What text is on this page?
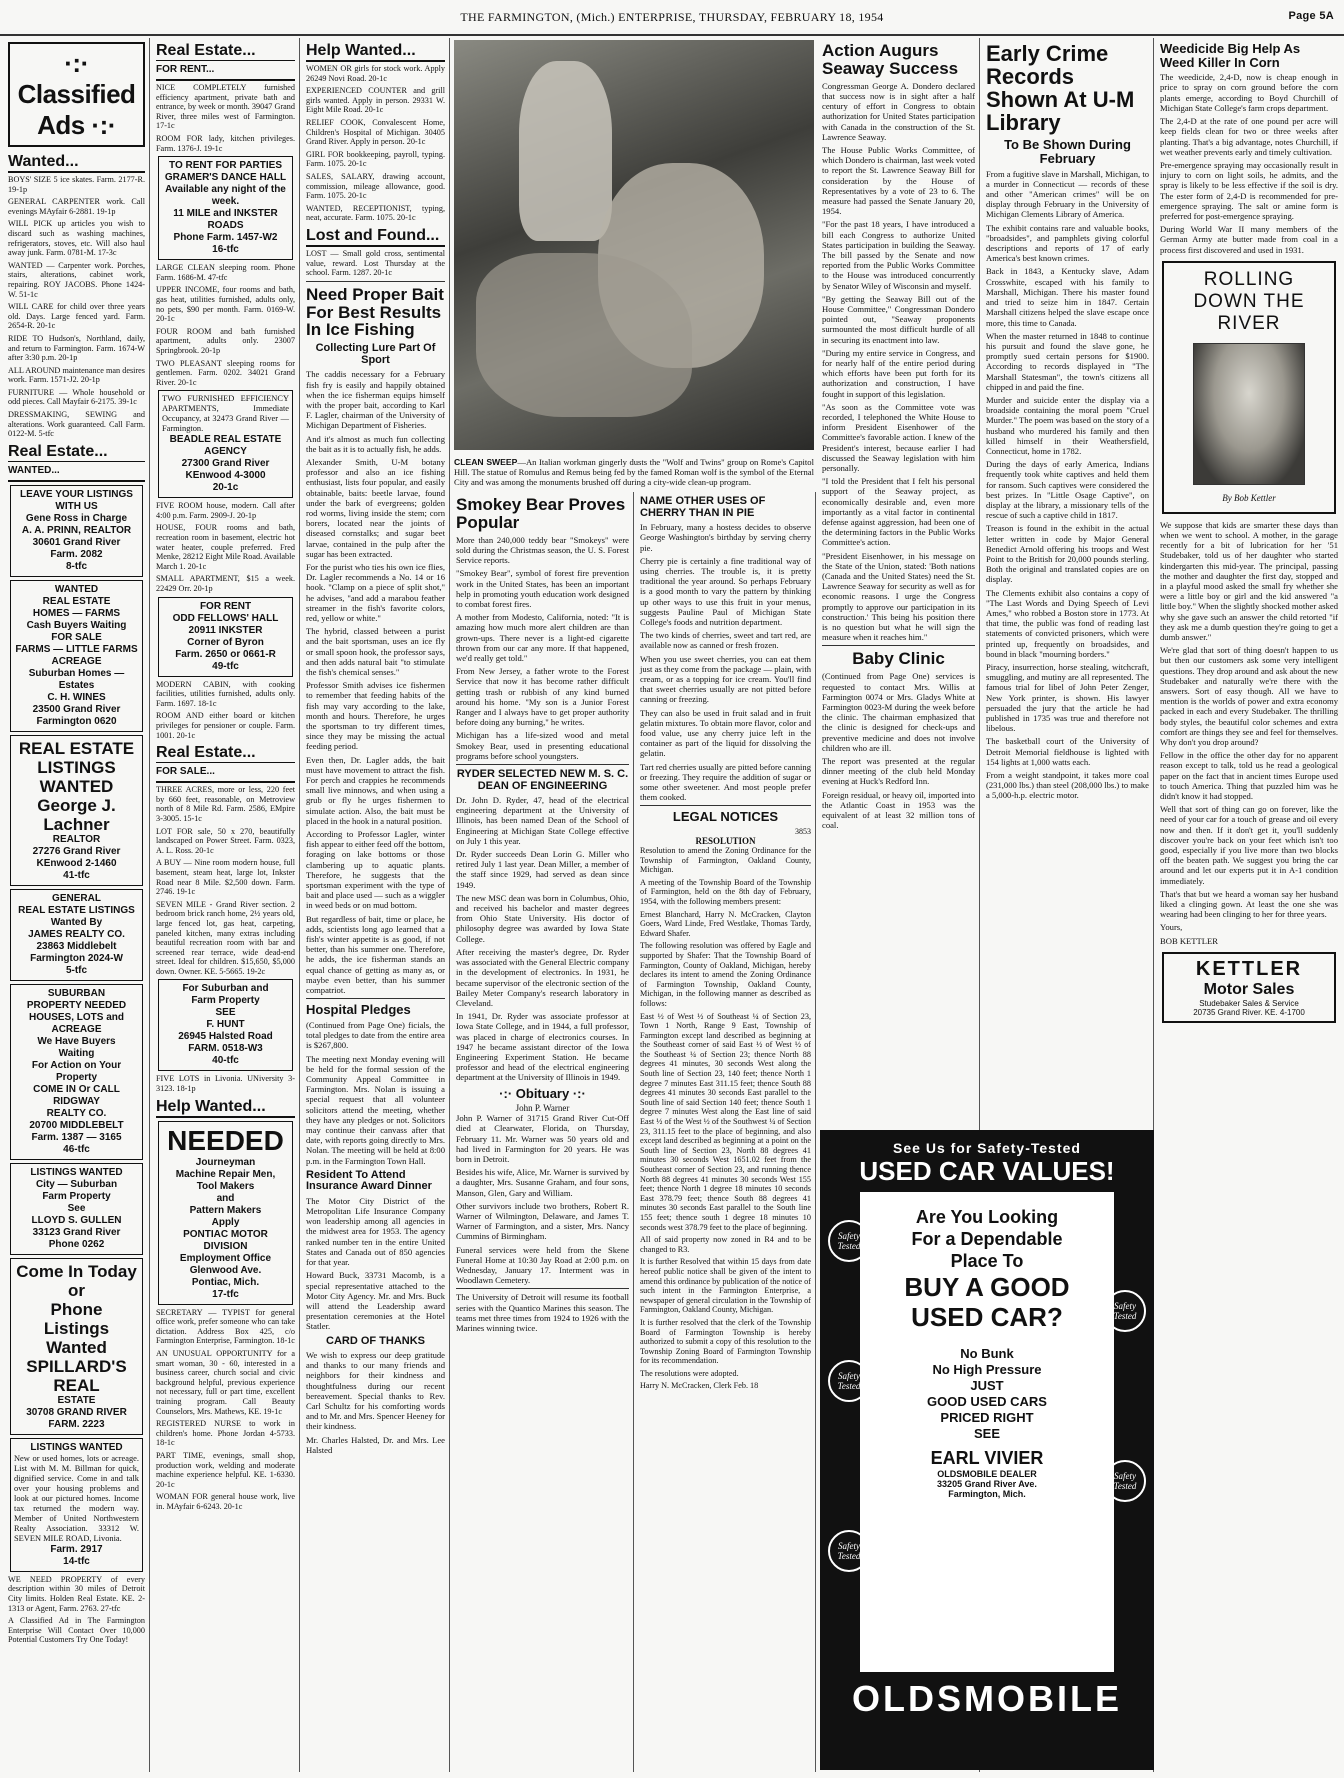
THE FARMINGTON, (Mich.) ENTERPRISE, THURSDAY, FEBRUARY 18, 1954	Page 5A
·:· Classified Ads ·:·
Wanted...

BOYS' SIZE 5 ice skates. Farm. 2177-R. 19-1p

GENERAL CARPENTER work. Call evenings MAyfair 6-2881. 19-1p

WILL PICK up articles you wish to discard such as washing machines, refrigerators, stoves, etc. Will also haul away junk. Farm. 0781-M. 17-3c

WANTED — Carpenter work. Porches, stairs, alterations, cabinet work, repairing. ROY JACOBS. Phone 1424-W. 51-1c

WILL CARE for child over three years old. Days. Large fenced yard. Farm. 2654-R. 20-1c

RIDE TO Hudson's, Northland, daily, and return to Farmington. Farm. 1674-W after 3:30 p.m. 20-1p

ALL AROUND maintenance man desires work. Farm. 1571-J2. 20-1p

FURNITURE — Whole household or odd pieces. Call Mayfair 6-2175. 39-1c

DRESSMAKING, SEWING and alterations. Work guaranteed. Call Farm. 0122-M. 5-tfc

Real Estate...
WANTED...
LEAVE YOUR LISTINGS WITH US
Gene Ross in Charge
A. A. PRINN, REALTOR
30601 Grand River
Farm. 2082
8-tfc
WANTED
REAL ESTATE
HOMES — FARMS
Cash Buyers Waiting
FOR SALE
FARMS — LITTLE FARMS
ACREAGE
Suburban Homes — Estates
C. H. WINES
23500 Grand River
Farmington 0620
REAL ESTATE
LISTINGS
WANTED
George J.
Lachner
REALTOR
27276 Grand River
KEnwood 2-1460
41-tfc
GENERAL
REAL ESTATE LISTINGS
Wanted By
JAMES REALTY CO.
23863 Middlebelt
Farmington 2024-W
5-tfc
SUBURBAN
PROPERTY NEEDED
HOUSES, LOTS and ACREAGE
We Have Buyers
Waiting
For Action on Your Property
COME IN Or CALL
RIDGWAY
REALTY CO.
20700 MIDDLEBELT
Farm. 1387 — 3165
46-tfc
LISTINGS WANTED
City — Suburban
Farm Property
See
LLOYD S. GULLEN
33123 Grand River
Phone 0262
Come In Today
or
Phone
Listings Wanted
SPILLARD'S REAL
ESTATE
30708 GRAND RIVER
FARM. 2223
LISTINGS WANTED
New or used homes, lots or acreage. List with M. M. Billman for quick, dignified service. Come in and talk over your housing problems and look at our pictured homes. Income tax returned the modern way. Member of United Northwestern Realty Association. 33312 W. SEVEN MILE ROAD, Livonia.
Farm. 2917
14-tfc

WE NEED PROPERTY of every description within 30 miles of Detroit City limits. Holden Real Estate. KE. 2-1313 or Agent, Farm. 2763. 27-tfc

A Classified Ad in The Farmington Enterprise Will Contact Over 10,000 Potential Customers Try One Today!

Real Estate...
FOR RENT...

NICE COMPLETELY furnished efficiency apartment, private bath and entrance, by week or month. 39047 Grand River, three miles west of Farmington. 17-1c

ROOM FOR lady, kitchen privileges. Farm. 1376-J. 19-1c

TO RENT FOR PARTIES
GRAMER'S DANCE HALL
Available any night of the week.
11 MILE and INKSTER ROADS
Phone Farm. 1457-W2
16-tfc

LARGE CLEAN sleeping room. Phone Farm. 1686-M. 47-tfc

UPPER INCOME, four rooms and bath, gas heat, utilities furnished, adults only, no pets, $90 per month. Farm. 0169-W. 20-1c

FOUR ROOM and bath furnished apartment, adults only. 23007 Springbrook. 20-1p

TWO PLEASANT sleeping rooms for gentlemen. Farm. 0202. 34021 Grand River. 20-1c

TWO FURNISHED EFFICIENCY APARTMENTS, Immediate Occupancy, at 32473 Grand River — Farmington.
BEADLE REAL ESTATE
AGENCY
27300 Grand River
KEnwood 4-3000
20-1c

FIVE ROOM house, modern. Call after 4:00 p.m. Farm. 2909-J. 20-1p

HOUSE, FOUR rooms and bath, recreation room in basement, electric hot water heater, couple preferred. Fred Menke, 28212 Eight Mile Road. Available March 1. 20-1c

SMALL APARTMENT, $15 a week. 22429 Orr. 20-1p

FOR RENT
ODD FELLOWS' HALL
20911 INKSTER
Corner of Byron
Farm. 2650 or 0661-R
49-tfc

MODERN CABIN, with cooking facilities, utilities furnished, adults only. Farm. 1697. 18-1c

ROOM AND either board or kitchen privileges for pensioner or couple. Farm. 1001. 20-1c

Real Estate...
FOR SALE...

THREE ACRES, more or less, 220 feet by 660 feet, reasonable, on Metroview north of 8 Mile Rd. Farm. 2586, EMpire 3-3005. 15-1c

LOT FOR sale, 50 x 270, beautifully landscaped on Power Street. Farm. 0323, A. L. Ross. 20-1c

A BUY — Nine room modern house, full basement, steam heat, large lot, Inkster Road near 8 Mile. $2,500 down. Farm. 2746. 19-1c

SEVEN MILE - Grand River section. 2 bedroom brick ranch home, 2½ years old, large fenced lot, gas heat, carpeting, paneled kitchen, many extras including beautiful recreation room with bar and screened rear terrace, wide dead-end street. Ideal for children. $15,650, $5,000 down. Owner. KE. 5-5665. 19-2c

For Suburban and
Farm Property
SEE
F. HUNT
26945 Halsted Road
FARM. 0518-W3
40-tfc

FIVE LOTS in Livonia. UNiversity 3-3123. 18-1p

Help Wanted...
NEEDED
Journeyman
Machine Repair Men,
Tool Makers
and
Pattern Makers
Apply
PONTIAC MOTOR
DIVISION
Employment Office
Glenwood Ave.
Pontiac, Mich.
17-tfc

SECRETARY — TYPIST for general office work, prefer someone who can take dictation. Address Box 425, c/o Farmington Enterprise, Farmington. 18-1c

AN UNUSUAL OPPORTUNITY for a smart woman, 30 - 60, interested in a business career, church social and civic background helpful, previous experience not necessary, full or part time, excellent training program. Call Beauty Counselors, Mrs. Mathews, KE. 19-1c

REGISTERED NURSE to work in children's home. Phone Jordan 4-5733. 18-1c

PART TIME, evenings, small shop, production work, welding and moderate machine experience helpful. KE. 1-6330. 20-1c

WOMAN FOR general house work, live in. MAyfair 6-6243. 20-1c

Help Wanted...

WOMEN OR girls for stock work. Apply 26249 Novi Road. 20-1c

EXPERIENCED COUNTER and grill girls wanted. Apply in person. 29331 W. Eight Mile Road. 20-1c

RELIEF COOK, Convalescent Home, Children's Hospital of Michigan. 30405 Grand River. Apply in person. 20-1c

GIRL FOR bookkeeping, payroll, typing. Farm. 1075. 20-1c

SALES, SALARY, drawing account, commission, mileage allowance, good. Farm. 1075. 20-1c

WANTED, RECEPTIONIST, typing, neat, accurate. Farm. 1075. 20-1c

Lost and Found...

LOST — Small gold cross, sentimental value, reward. Lost Thursday at the school. Farm. 1287. 20-1c

Need Proper Bait For Best Results In Ice Fishing
Collecting Lure Part Of Sport

The caddis necessary for a February fish fry is easily and happily obtained when the ice fisherman equips himself with the proper bait, according to Karl F. Lagler, chairman of the University of Michigan Department of Fisheries.

And it's almost as much fun collecting the bait as it is to actually fish, he adds.

Alexander Smith, U-M botany professor and also an ice fishing enthusiast, lists four popular, and easily obtainable, baits: beetle larvae, found under the bark of evergreens; golden rod worms, living inside the stem; corn borers, located near the joints of diseased cornstalks; and sugar beet larvae, contained in the pulp after the sugar has been extracted.

For the purist who ties his own ice flies, Dr. Lagler recommends a No. 14 or 16 hook. "Clamp on a piece of split shot," he advises, "and add a marabou feather streamer in the fish's favorite colors, red, yellow or white."

The hybrid, classed between a purist and the bait sportsman, uses an ice fly or small spoon hook, the professor says, and then adds natural bait "to stimulate the fish's chemical senses."

Professor Smith advises ice fishermen to remember that feeding habits of the fish may vary according to the lake, month and hours. Therefore, he urges the sportsman to try different times, since they may be missing the actual feeding period.

Even then, Dr. Lagler adds, the bait must have movement to attract the fish. For perch and crappies he recommends small live minnows, and when using a grub or fly he urges fishermen to simulate action. Also, the bait must be placed in the hook in a natural position.

According to Professor Lagler, winter fish appear to either feed off the bottom, foraging on lake bottoms or those clambering up to aquatic plants. Therefore, he suggests that the sportsman experiment with the type of bait and place used — such as a wiggler in weed beds or on mud bottom.

But regardless of bait, time or place, he adds, scientists long ago learned that a fish's winter appetite is as good, if not better, than his summer one. Therefore, he adds, the ice fisherman stands an equal chance of getting as many as, or maybe even better, than his summer compatriot.

Hospital Pledges

(Continued from Page One) ficials, the total pledges to date from the entire area is $267,800.

The meeting next Monday evening will be held for the formal session of the Community Appeal Committee in Farmington. Mrs. Nolan is issuing a special request that all volunteer solicitors attend the meeting, whether they have any pledges or not. Solicitors may continue their canvass after that date, with reports going directly to Mrs. Nolan. The meeting will be held at 8:00 p.m. in the Farmington Town Hall.

Resident To Attend Insurance Award Dinner

The Motor City District of the Metropolitan Life Insurance Company won leadership among all agencies in the midwest area for 1953. The agency ranked number ten in the entire United States and Canada out of 850 agencies for that year.

Howard Buck, 33731 Macomb, is a special representative attached to the Motor City Agency. Mr. and Mrs. Buck will attend the Leadership award presentation ceremonies at the Hotel Statler.

CARD OF THANKS

We wish to express our deep gratitude and thanks to our many friends and neighbors for their kindness and thoughtfulness during our recent bereavement. Special thanks to Rev. Carl Schultz for his comforting words and to Mr. and Mrs. Spencer Heeney for their kindness.

Mr. Charles Halsted, Dr. and Mrs. Lee Halsted

CLEAN SWEEP—An Italian workman gingerly dusts the "Wolf and Twins" group on Rome's Capitol Hill. The statue of Romulus and Remus being fed by the famed Roman wolf is the symbol of the Eternal City and was among the monuments brushed off during a city-wide clean-up program.
Smokey Bear Proves Popular

More than 240,000 teddy bear "Smokeys" were sold during the Christmas season, the U. S. Forest Service reports.

"Smokey Bear", symbol of forest fire prevention work in the United States, has been an important help in promoting youth education work designed to combat forest fires.

A mother from Modesto, California, noted: "It is amazing how much more alert children are than grown-ups. There never is a light-ed cigarette thrown from our car any more. If that happened, we'd really get told."

From New Jersey, a father wrote to the Forest Service that now it has become rather difficult getting trash or rubbish of any kind burned around his home. "My son is a Junior Forest Ranger and I always have to get proper authority before doing any burning," he writes.

Michigan has a life-sized wood and metal Smokey Bear, used in presenting educational programs before school youngsters.

RYDER SELECTED NEW M. S. C. DEAN OF ENGINEERING

Dr. John D. Ryder, 47, head of the electrical engineering department at the University of Illinois, has been named Dean of the School of Engineering at Michigan State College effective on July 1 this year.

Dr. Ryder succeeds Dean Lorin G. Miller who retired July 1 last year. Dean Miller, a member of the staff since 1929, had served as dean since 1949.

The new MSC dean was born in Columbus, Ohio, and received his bachelor and master degrees from Ohio State University. His doctor of philosophy degree was awarded by Iowa State College.

After receiving the master's degree, Dr. Ryder was associated with the General Electric company in the development of electronics. In 1931, he became supervisor of the electronic section of the Bailey Meter Company's research laboratory in Cleveland.

In 1941, Dr. Ryder was associate professor at Iowa State College, and in 1944, a full professor, was placed in charge of electronics courses. In 1947 he became assistant director of the Iowa Engineering Experiment Station. He became professor and head of the electrical engineering department at the University of Illinois in 1949.

·:· Obituary ·:·
John P. Warner

John P. Warner of 31715 Grand River Cut-Off died at Clearwater, Florida, on Thursday, February 11. Mr. Warner was 50 years old and had lived in Farmington for 20 years. He was born in Detroit.

Besides his wife, Alice, Mr. Warner is survived by a daughter, Mrs. Susanne Graham, and four sons, Manson, Glen, Gary and William.

Other survivors include two brothers, Robert R. Warner of Wilmington, Delaware, and James T. Warner of Farmington, and a sister, Mrs. Nancy Cummins of Birmingham.

Funeral services were held from the Skene Funeral Home at 10:30 Jay Road at 2:00 p.m. on Wednesday, January 17. Interment was in Woodlawn Cemetery.

The University of Detroit will resume its football series with the Quantico Marines this season. The teams met three times from 1924 to 1926 with the Marines winning twice.

NAME OTHER USES OF CHERRY THAN IN PIE

In February, many a hostess decides to observe George Washington's birthday by serving cherry pie.

Cherry pie is certainly a fine traditional way of using cherries. The trouble is, it is pretty traditional the year around. So perhaps February is a good month to vary the pattern by thinking up other ways to use this fruit in your menus, suggests Pauline Paul of Michigan State College's foods and nutrition department.

The two kinds of cherries, sweet and tart red, are available now as canned or fresh frozen.

When you use sweet cherries, you can eat them just as they come from the package — plain, with cream, or as a topping for ice cream. You'll find that sweet cherries usually are not pitted before canning or freezing.

They can also be used in fruit salad and in fruit gelatin mixtures. To obtain more flavor, color and food value, use any cherry juice left in the container as part of the liquid for dissolving the gelatin.

Tart red cherries usually are pitted before canning or freezing. They require the addition of sugar or some other sweetener. And most people prefer them cooked.

LEGAL NOTICES
3853
RESOLUTION

Resolution to amend the Zoning Ordinance for the Township of Farmington, Oakland County, Michigan.

A meeting of the Township Board of the Township of Farmington, held on the 8th day of February, 1954, with the following members present:

Ernest Blanchard, Harry N. McCracken, Clayton Goers, Ward Linde, Fred Westlake, Thomas Tardy, Edward Shafer.

The following resolution was offered by Eagle and supported by Shafer: That the Township Board of Farmington, County of Oakland, Michigan, hereby declares its intent to amend the Zoning Ordinance of Farmington Township, Oakland County, Michigan, in the following manner as described as follows:

East ½ of West ½ of Southeast ¼ of Section 23, Town 1 North, Range 9 East, Township of Farmington except land described as beginning at the Southeast corner of said East ½ of West ½ of the Southeast ¼ of Section 23; thence North 88 degrees 41 minutes, 30 seconds West along the South line of Section 23, 140 feet; thence North 1 degree 7 minutes East 311.15 feet; thence South 88 degrees 41 minutes 30 seconds East parallel to the South line of said Section 140 feet; thence South 1 degree 7 minutes West along the East line of said East ½ of the West ½ of the Southwest ¼ of Section 23, 311.15 feet to the place of beginning, and also except land described as beginning at a point on the South line of Section 23, North 88 degrees 41 minutes 30 seconds West 1651.02 feet from the Southeast corner of Section 23, and running thence North 88 degrees 41 minutes 30 seconds West 155 feet; thence North 1 degree 18 minutes 10 seconds East 378.79 feet; thence South 88 degrees 41 minutes 30 seconds East parallel to the South line 155 feet; thence south 1 degree 18 minutes 10 seconds west 378.79 feet to the place of beginning.

All of said property now zoned in R4 and to be changed to R3.

It is further Resolved that within 15 days from date hereof public notice shall be given of the intent to amend this ordinance by publication of the notice of such intent in the Farmington Enterprise, a newspaper of general circulation in the Township of Farmington, Oakland County, Michigan.

It is further resolved that the clerk of the Township Board of Farmington Township is hereby authorized to submit a copy of this resolution to the Township Zoning Board of Farmington Township for its recommendation.

The resolutions were adopted.

Harry N. McCracken, Clerk Feb. 18

Action Augurs Seaway Success

Congressman George A. Dondero declared that success now is in sight after a half century of effort in Congress to obtain authorization for United States participation with Canada in the construction of the St. Lawrence Seaway.

The House Public Works Committee, of which Dondero is chairman, last week voted to report the St. Lawrence Seaway Bill for consideration by the House of Representatives by a vote of 23 to 6. The measure had passed the Senate January 20, 1954.

"For the past 18 years, I have introduced a bill each Congress to authorize United States participation in building the Seaway. The bill passed by the Senate and now reported from the Public Works Committee to the House was introduced concurrently by Senator Wiley of Wisconsin and myself.

"By getting the Seaway Bill out of the House Committee," Congressman Dondero pointed out, "Seaway proponents surmounted the most difficult hurdle of all in securing its enactment into law.

"During my entire service in Congress, and for nearly half of the entire period during which efforts have been put forth for its authorization and construction, I have fought in support of this legislation.

"As soon as the Committee vote was recorded, I telephoned the White House to inform President Eisenhower of the Committee's favorable action. I knew of the President's interest, because earlier I had discussed the Seaway legislation with him personally.

"I told the President that I felt his personal support of the Seaway project, as economically desirable and, even more importantly as a vital factor in continental defense against aggression, had been one of the determining factors in the Public Works Committee's action.

"President Eisenhower, in his message on the State of the Union, stated: 'Both nations (Canada and the United States) need the St. Lawrence Seaway for security as well as for economic reasons. I urge the Congress promptly to approve our participation in its construction.' This being his position there is no question but what he will sign the measure when it reaches him."

Baby Clinic

(Continued from Page One) services is requested to contact Mrs. Willis at Farmington 0074 or Mrs. Gladys White at Farmington 0023-M during the week before the clinic. The chairman emphasized that the clinic is designed for check-ups and preventive medicine and does not involve children who are ill.

The report was presented at the regular dinner meeting of the club held Monday evening at Huck's Redford Inn.

Foreign residual, or heavy oil, imported into the Atlantic Coast in 1953 was the equivalent of at least 32 million tons of coal.

Early Crime Records Shown At U-M Library
To Be Shown During February

From a fugitive slave in Marshall, Michigan, to a murder in Connecticut — records of these and other "American crimes" will be on display through February in the University of Michigan Clements Library of America.

The exhibit contains rare and valuable books, "broadsides", and pamphlets giving colorful descriptions and reports of 17 of early America's best known crimes.

Back in 1843, a Kentucky slave, Adam Crosswhite, escaped with his family to Marshall, Michigan. There his master found and tried to seize him in 1847. Certain Marshall citizens helped the slave escape once more, this time to Canada.

When the master returned in 1848 to continue his pursuit and found the slave gone, he promptly sued certain persons for $1900. According to records displayed in "The Marshall Statesman", the town's citizens all chipped in and paid the fine.

Murder and suicide enter the display via a broadside containing the moral poem "Cruel Murder." The poem was based on the story of a husband who murdered his family and then killed himself in their Weathersfield, Connecticut, home in 1782.

During the days of early America, Indians frequently took white captives and held them for ransom. Such captives were considered the best prizes. In "Little Osage Captive", on display at the library, a missionary tells of the rescue of such a captive child in 1817.

Treason is found in the exhibit in the actual letter written in code by Major General Benedict Arnold offering his troops and West Point to the British for 20,000 pounds sterling. Both the original and translated copies are on display.

The Clements exhibit also contains a copy of "The Last Words and Dying Speech of Levi Ames," who robbed a Boston store in 1773. At that time, the public was fond of reading last statements of convicted prisoners, which were printed up, frequently on broadsides, and bound in black "mourning borders."

Piracy, insurrection, horse stealing, witchcraft, smuggling, and mutiny are all represented. The famous trial for libel of John Peter Zenger, New York printer, is shown. His lawyer persuaded the jury that the article he had published in 1735 was true and therefore not libelous.

The basketball court of the University of Detroit Memorial fieldhouse is lighted with 154 lights at 1,000 watts each.

From a weight standpoint, it takes more coal (231,000 lbs.) than steel (208,000 lbs.) to make a 5,000-h.p. electric motor.

See Us for Safety-Tested
USED CAR VALUES!
Safety Tested
Safety Tested
Safety Tested
Safety Tested
Safety Tested
Are You Looking
For a Dependable
Place To
BUY A GOOD
USED CAR?
No Bunk
No High Pressure
JUST
GOOD USED CARS
PRICED RIGHT
SEE
EARL VIVIER
OLDSMOBILE DEALER
33205 Grand River Ave.
Farmington, Mich.
OLDSMOBILE
Weedicide Big Help As Weed Killer In Corn

The weedicide, 2,4-D, now is cheap enough in price to spray on corn ground before the corn plants emerge, according to Boyd Churchill of Michigan State College's farm crops department.

The 2,4-D at the rate of one pound per acre will keep fields clean for two or three weeks after planting. That's a big advantage, notes Churchill, if wet weather prevents early and timely cultivation.

Pre-emergence spraying may occasionally result in injury to corn on light soils, he admits, and the spray is likely to be less effective if the soil is dry. The ester form of 2,4-D is recommended for pre-emergence spraying. The salt or amine form is preferred for post-emergence spraying.

During World War II many members of the German Army ate butter made from coal in a process first discovered and used in 1931.

ROLLING
DOWN THE
RIVER
By Bob Kettler

We suppose that kids are smarter these days than when we went to school. A mother, in the garage recently for a bit of lubrication for her '51 Studebaker, told us of her daughter who started kindergarten this mid-year. The principal, passing the mother and daughter the first day, stopped and in a playful mood asked the small fry whether she were a little boy or girl and the kid answered "a little boy." When the slightly shocked mother asked why she gave such an answer the child retorted "if they ask me a dumb question they're going to get a dumb answer."

We're glad that sort of thing doesn't happen to us but then our customers ask some very intelligent questions. They drop around and ask about the new Studebaker and naturally we're there with the answers. Sort of easy though. All we have to mention is the worlds of power and extra economy packed in each and every Studebaker. The thrilling body styles, the beautiful color schemes and extra comfort are things they see and feel for themselves. Why don't you drop around?

Fellow in the office the other day for no apparent reason except to talk, told us he read a geological paper on the fact that in ancient times Europe used to touch America. Thing that puzzled him was he didn't know it had stopped.

Well that sort of thing can go on forever, like the need of your car for a touch of grease and oil every now and then. If it don't get it, you'll suddenly discover you're back on your feet which isn't too good, especially if you live more than two blocks off the beaten path. We suggest you bring the car around and let our experts put it in A-1 condition immediately.

That's that but we heard a woman say her husband liked a clinging gown. At least the one she was wearing had been clinging to her for three years.

Yours,

BOB KETTLER

KETTLER
Motor Sales
Studebaker Sales & Service
20735 Grand River. KE. 4-1700
